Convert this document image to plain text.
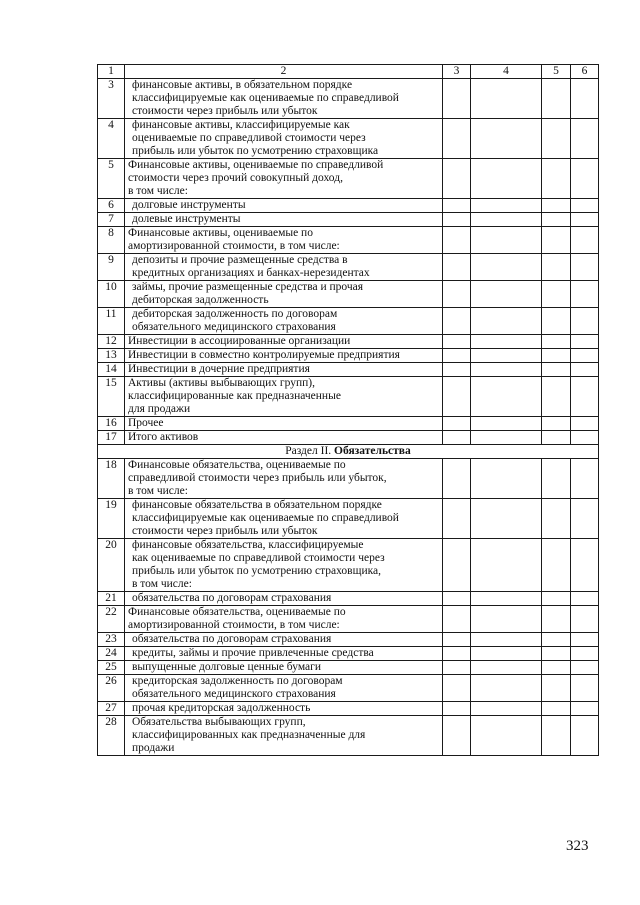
1	2	3	4	5	6
3	финансовые активы, в обязательном порядке
классифицируемые как оцениваемые по справедливой
стоимости через прибыль или убыток				
4	финансовые активы, классифицируемые как
оцениваемые по справедливой стоимости через
прибыль или убыток по усмотрению страховщика				
5	Финансовые активы, оцениваемые по справедливой
стоимости через прочий совокупный доход,
в том числе:				
6	долговые инструменты				
7	долевые инструменты				
8	Финансовые активы, оцениваемые по
амортизированной стоимости, в том числе:				
9	депозиты и прочие размещенные средства в
кредитных организациях и банках-нерезидентах				
10	займы, прочие размещенные средства и прочая
дебиторская задолженность				
11	дебиторская задолженность по договорам
обязательного медицинского страхования				
12	Инвестиции в ассоциированные организации				
13	Инвестиции в совместно контролируемые предприятия				
14	Инвестиции в дочерние предприятия				
15	Активы (активы выбывающих групп),
классифицированные как предназначенные
для продажи				
16	Прочее				
17	Итого активов				
Раздел II. Обязательства					
18	Финансовые обязательства, оцениваемые по
справедливой стоимости через прибыль или убыток,
в том числе:				
19	финансовые обязательства в обязательном порядке
классифицируемые как оцениваемые по справедливой
стоимости через прибыль или убыток				
20	финансовые обязательства, классифицируемые
как оцениваемые по справедливой стоимости через
прибыль или убыток по усмотрению страховщика,
в том числе:				
21	обязательства по договорам страхования				
22	Финансовые обязательства, оцениваемые по
амортизированной стоимости, в том числе:				
23	обязательства по договорам страхования				
24	кредиты, займы и прочие привлеченные средства				
25	выпущенные долговые ценные бумаги				
26	кредиторская задолженность по договорам
обязательного медицинского страхования				
27	прочая кредиторская задолженность				
28	Обязательства выбывающих групп,
классифицированных как предназначенные для
продажи				
323
